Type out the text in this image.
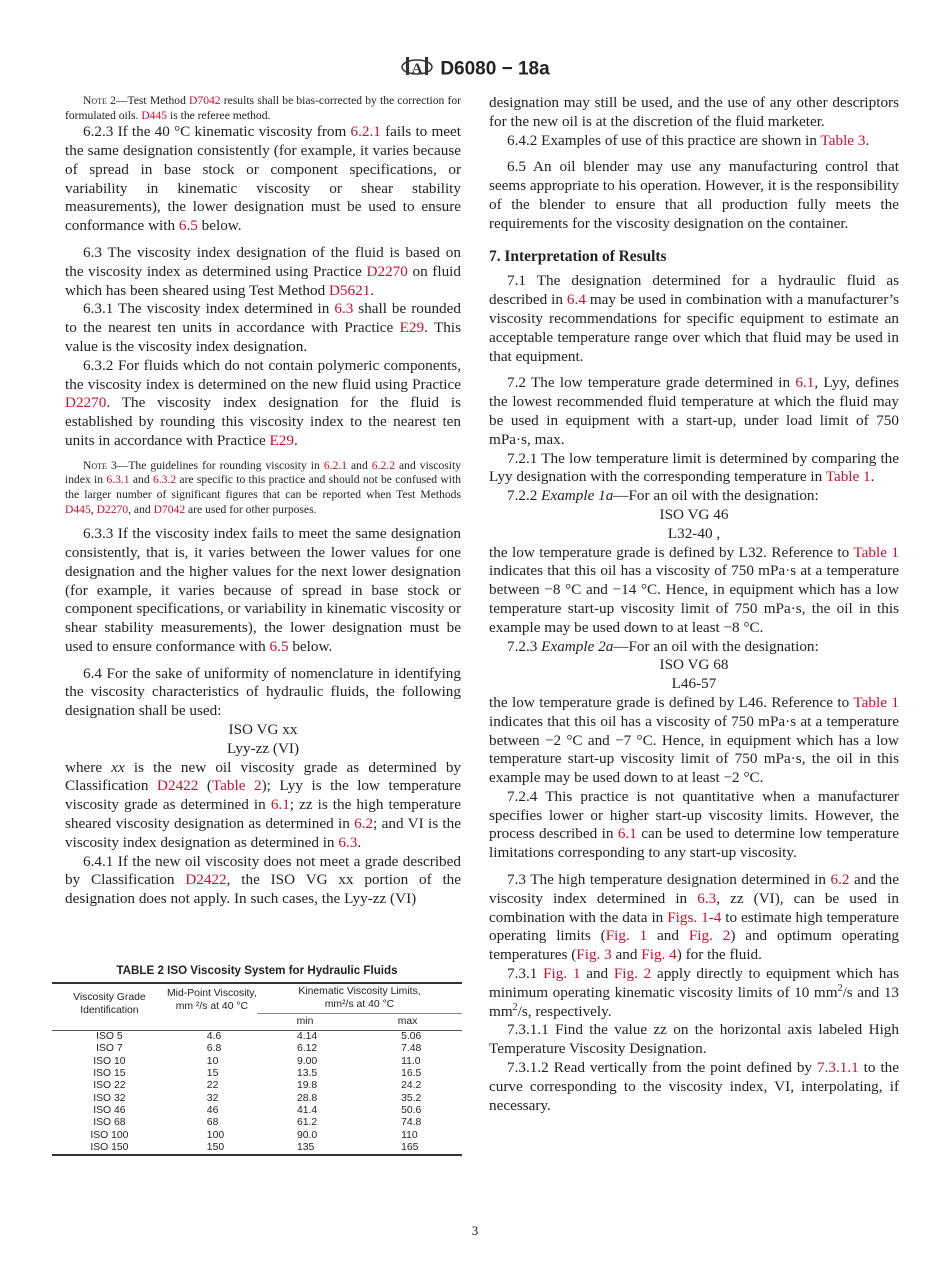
A D6080 − 18a

Note 2—Test Method D7042 results shall be bias-corrected by the correction for formulated oils. D445 is the referee method.

6.2.3 If the 40 °C kinematic viscosity from 6.2.1 fails to meet the same designation consistently (for example, it varies because of spread in base stock or component specifications, or variability in kinematic viscosity or shear stability measurements), the lower designation must be used to ensure conformance with 6.5 below.

6.3 The viscosity index designation of the fluid is based on the viscosity index as determined using Practice D2270 on fluid which has been sheared using Test Method D5621.

6.3.1 The viscosity index determined in 6.3 shall be rounded to the nearest ten units in accordance with Practice E29. This value is the viscosity index designation.

6.3.2 For fluids which do not contain polymeric components, the viscosity index is determined on the new fluid using Practice D2270. The viscosity index designation for the fluid is established by rounding this viscosity index to the nearest ten units in accordance with Practice E29.

Note 3—The guidelines for rounding viscosity in 6.2.1 and 6.2.2 and viscosity index in 6.3.1 and 6.3.2 are specific to this practice and should not be confused with the larger number of significant figures that can be reported when Test Methods D445, D2270, and D7042 are used for other purposes.

6.3.3 If the viscosity index fails to meet the same designation consistently, that is, it varies between the lower values for one designation and the higher values for the next lower designation (for example, it varies because of spread in base stock or component specifications, or variability in kinematic viscosity or shear stability measurements), the lower designation must be used to ensure conformance with 6.5 below.

6.4 For the sake of uniformity of nomenclature in identifying the viscosity characteristics of hydraulic fluids, the following designation shall be used:

ISO VG xx

Lyy-zz (VI)

where xx is the new oil viscosity grade as determined by Classification D2422 (Table 2); Lyy is the low temperature viscosity grade as determined in 6.1; zz is the high temperature sheared viscosity designation as determined in 6.2; and VI is the viscosity index designation as determined in 6.3.

6.4.1 If the new oil viscosity does not meet a grade described by Classification D2422, the ISO VG xx portion of the designation does not apply. In such cases, the Lyy-zz (VI)

TABLE 2 ISO Viscosity System for Hydraulic Fluids
Viscosity Grade Identification	Mid-Point Viscosity,
mm ²/s at 40 °C	Kinematic Viscosity Limits,
mm²/s at 40 °C	
		min	max
ISO 5	4.6	4.14	5.06
ISO 7	6.8	6.12	7.48
ISO 10	10	9.00	11.0
ISO 15	15	13.5	16.5
ISO 22	22	19.8	24.2
ISO 32	32	28.8	35.2
ISO 46	46	41.4	50.6
ISO 68	68	61.2	74.8
ISO 100	100	90.0	110
ISO 150	150	135	165

designation may still be used, and the use of any other descriptors for the new oil is at the discretion of the fluid marketer.

6.4.2 Examples of use of this practice are shown in Table 3.

6.5 An oil blender may use any manufacturing control that seems appropriate to his operation. However, it is the responsibility of the blender to ensure that all production fully meets the requirements for the viscosity designation on the container.

7. Interpretation of Results

7.1 The designation determined for a hydraulic fluid as described in 6.4 may be used in combination with a manufacturer’s viscosity recommendations for specific equipment to estimate an acceptable temperature range over which that fluid may be used in that equipment.

7.2 The low temperature grade determined in 6.1, Lyy, defines the lowest recommended fluid temperature at which the fluid may be used in equipment with a start-up, under load limit of 750 mPa·s, max.

7.2.1 The low temperature limit is determined by comparing the Lyy designation with the corresponding temperature in Table 1.

7.2.2 Example 1a—For an oil with the designation:

ISO VG 46

L32-40 ,

the low temperature grade is defined by L32. Reference to Table 1 indicates that this oil has a viscosity of 750 mPa·s at a temperature between −8 °C and −14 °C. Hence, in equipment which has a low temperature start-up viscosity limit of 750 mPa·s, the oil in this example may be used down to at least −8 °C.

7.2.3 Example 2a—For an oil with the designation:

ISO VG 68

L46-57

the low temperature grade is defined by L46. Reference to Table 1 indicates that this oil has a viscosity of 750 mPa·s at a temperature between −2 °C and −7 °C. Hence, in equipment which has a low temperature start-up viscosity limit of 750 mPa·s, the oil in this example may be used down to at least −2 °C.

7.2.4 This practice is not quantitative when a manufacturer specifies lower or higher start-up viscosity limits. However, the process described in 6.1 can be used to determine low temperature limitations corresponding to any start-up viscosity.

7.3 The high temperature designation determined in 6.2 and the viscosity index determined in 6.3, zz (VI), can be used in combination with the data in Figs. 1-4 to estimate high temperature operating limits (Fig. 1 and Fig. 2) and optimum operating temperatures (Fig. 3 and Fig. 4) for the fluid.

7.3.1 Fig. 1 and Fig. 2 apply directly to equipment which has minimum operating kinematic viscosity limits of 10 $mm^2/s$ and 13 $mm^2/s$, respectively.

7.3.1.1 Find the value zz on the horizontal axis labeled High Temperature Viscosity Designation.

7.3.1.2 Read vertically from the point defined by 7.3.1.1 to the curve corresponding to the viscosity index, VI, interpolating, if necessary.

3
